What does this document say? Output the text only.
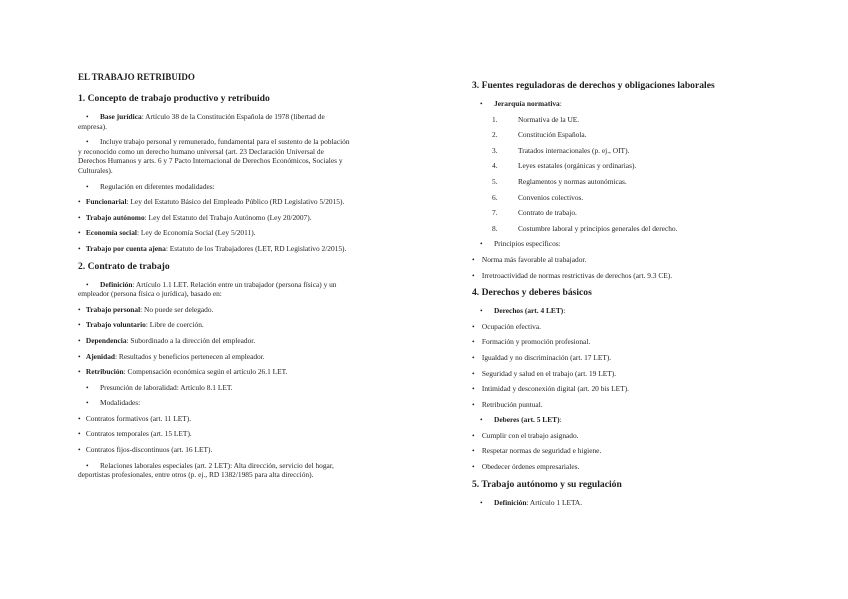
EL TRABAJO RETRIBUIDO
1. Concepto de trabajo productivo y retribuido

• Base jurídica: Artículo 38 de la Constitución Española de 1978 (libertad de empresa).

• Incluye trabajo personal y remunerado, fundamental para el sustento de la población y reconocido como un derecho humano universal (art. 23 Declaración Universal de Derechos Humanos y arts. 6 y 7 Pacto Internacional de Derechos Económicos, Sociales y Culturales).

• Regulación en diferentes modalidades:

• Funcionarial: Ley del Estatuto Básico del Empleado Público (RD Legislativo 5/2015).

• Trabajo autónomo: Ley del Estatuto del Trabajo Autónomo (Ley 20/2007).

• Economía social: Ley de Economía Social (Ley 5/2011).

• Trabajo por cuenta ajena: Estatuto de los Trabajadores (LET, RD Legislativo 2/2015).

2. Contrato de trabajo

• Definición: Artículo 1.1 LET. Relación entre un trabajador (persona física) y un empleador (persona física o jurídica), basado en:

• Trabajo personal: No puede ser delegado.

• Trabajo voluntario: Libre de coerción.

• Dependencia: Subordinado a la dirección del empleador.

• Ajenidad: Resultados y beneficios pertenecen al empleador.

• Retribución: Compensación económica según el artículo 26.1 LET.

• Presunción de laboralidad: Artículo 8.1 LET.

• Modalidades:

• Contratos formativos (art. 11 LET).

• Contratos temporales (art. 15 LET).

• Contratos fijos-discontinuos (art. 16 LET).

• Relaciones laborales especiales (art. 2 LET): Alta dirección, servicio del hogar, deportistas profesionales, entre otros (p. ej., RD 1382/1985 para alta dirección).

3. Fuentes reguladoras de derechos y obligaciones laborales

• Jerarquía normativa:

1.	Normativa de la UE.

2.	Constitución Española.

3.	Tratados internacionales (p. ej., OIT).

4.	Leyes estatales (orgánicas y ordinarias).

5.	Reglamentos y normas autonómicas.

6.	Convenios colectivos.

7.	Contrato de trabajo.

8.	Costumbre laboral y principios generales del derecho.

• Principios específicos:

• Norma más favorable al trabajador.

• Irretroactividad de normas restrictivas de derechos (art. 9.3 CE).

4. Derechos y deberes básicos

• Derechos (art. 4 LET):

• Ocupación efectiva.

• Formación y promoción profesional.

• Igualdad y no discriminación (art. 17 LET).

• Seguridad y salud en el trabajo (art. 19 LET).

• Intimidad y desconexión digital (art. 20 bis LET).

• Retribución puntual.

• Deberes (art. 5 LET):

• Cumplir con el trabajo asignado.

• Respetar normas de seguridad e higiene.

• Obedecer órdenes empresariales.

5. Trabajo autónomo y su regulación

• Definición: Artículo 1 LETA.
